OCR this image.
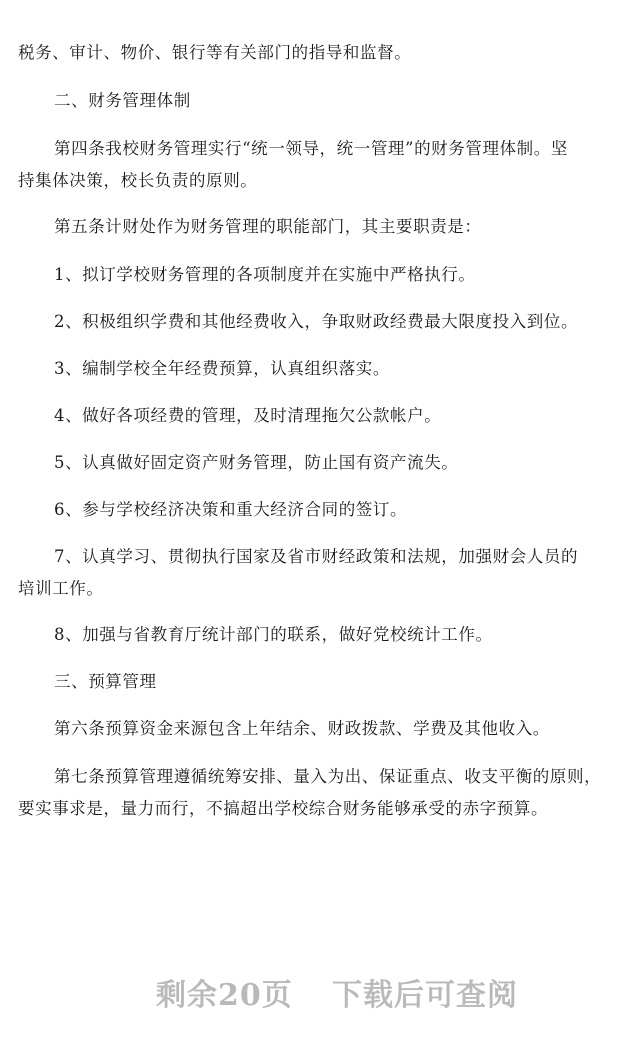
税务、审计、物价、银行等有关部门的指导和监督。
二、财务管理体制
第四条我校财务管理实行“统一领导，统一管理”的财务管理体制。坚
持集体决策，校长负责的原则。
第五条计财处作为财务管理的职能部门，其主要职责是：
1、拟订学校财务管理的各项制度并在实施中严格执行。
2、积极组织学费和其他经费收入，争取财政经费最大限度投入到位。
3、编制学校全年经费预算，认真组织落实。
4、做好各项经费的管理，及时清理拖欠公款帐户。
5、认真做好固定资产财务管理，防止国有资产流失。
6、参与学校经济决策和重大经济合同的签订。
7、认真学习、贯彻执行国家及省市财经政策和法规，加强财会人员的
培训工作。
8、加强与省教育厅统计部门的联系，做好党校统计工作。
三、预算管理
第六条预算资金来源包含上年结余、财政拨款、学费及其他收入。
第七条预算管理遵循统筹安排、量入为出、保证重点、收支平衡的原则，
要实事求是，量力而行，不搞超出学校综合财务能够承受的赤字预算。
剩余20页 下载后可查阅
